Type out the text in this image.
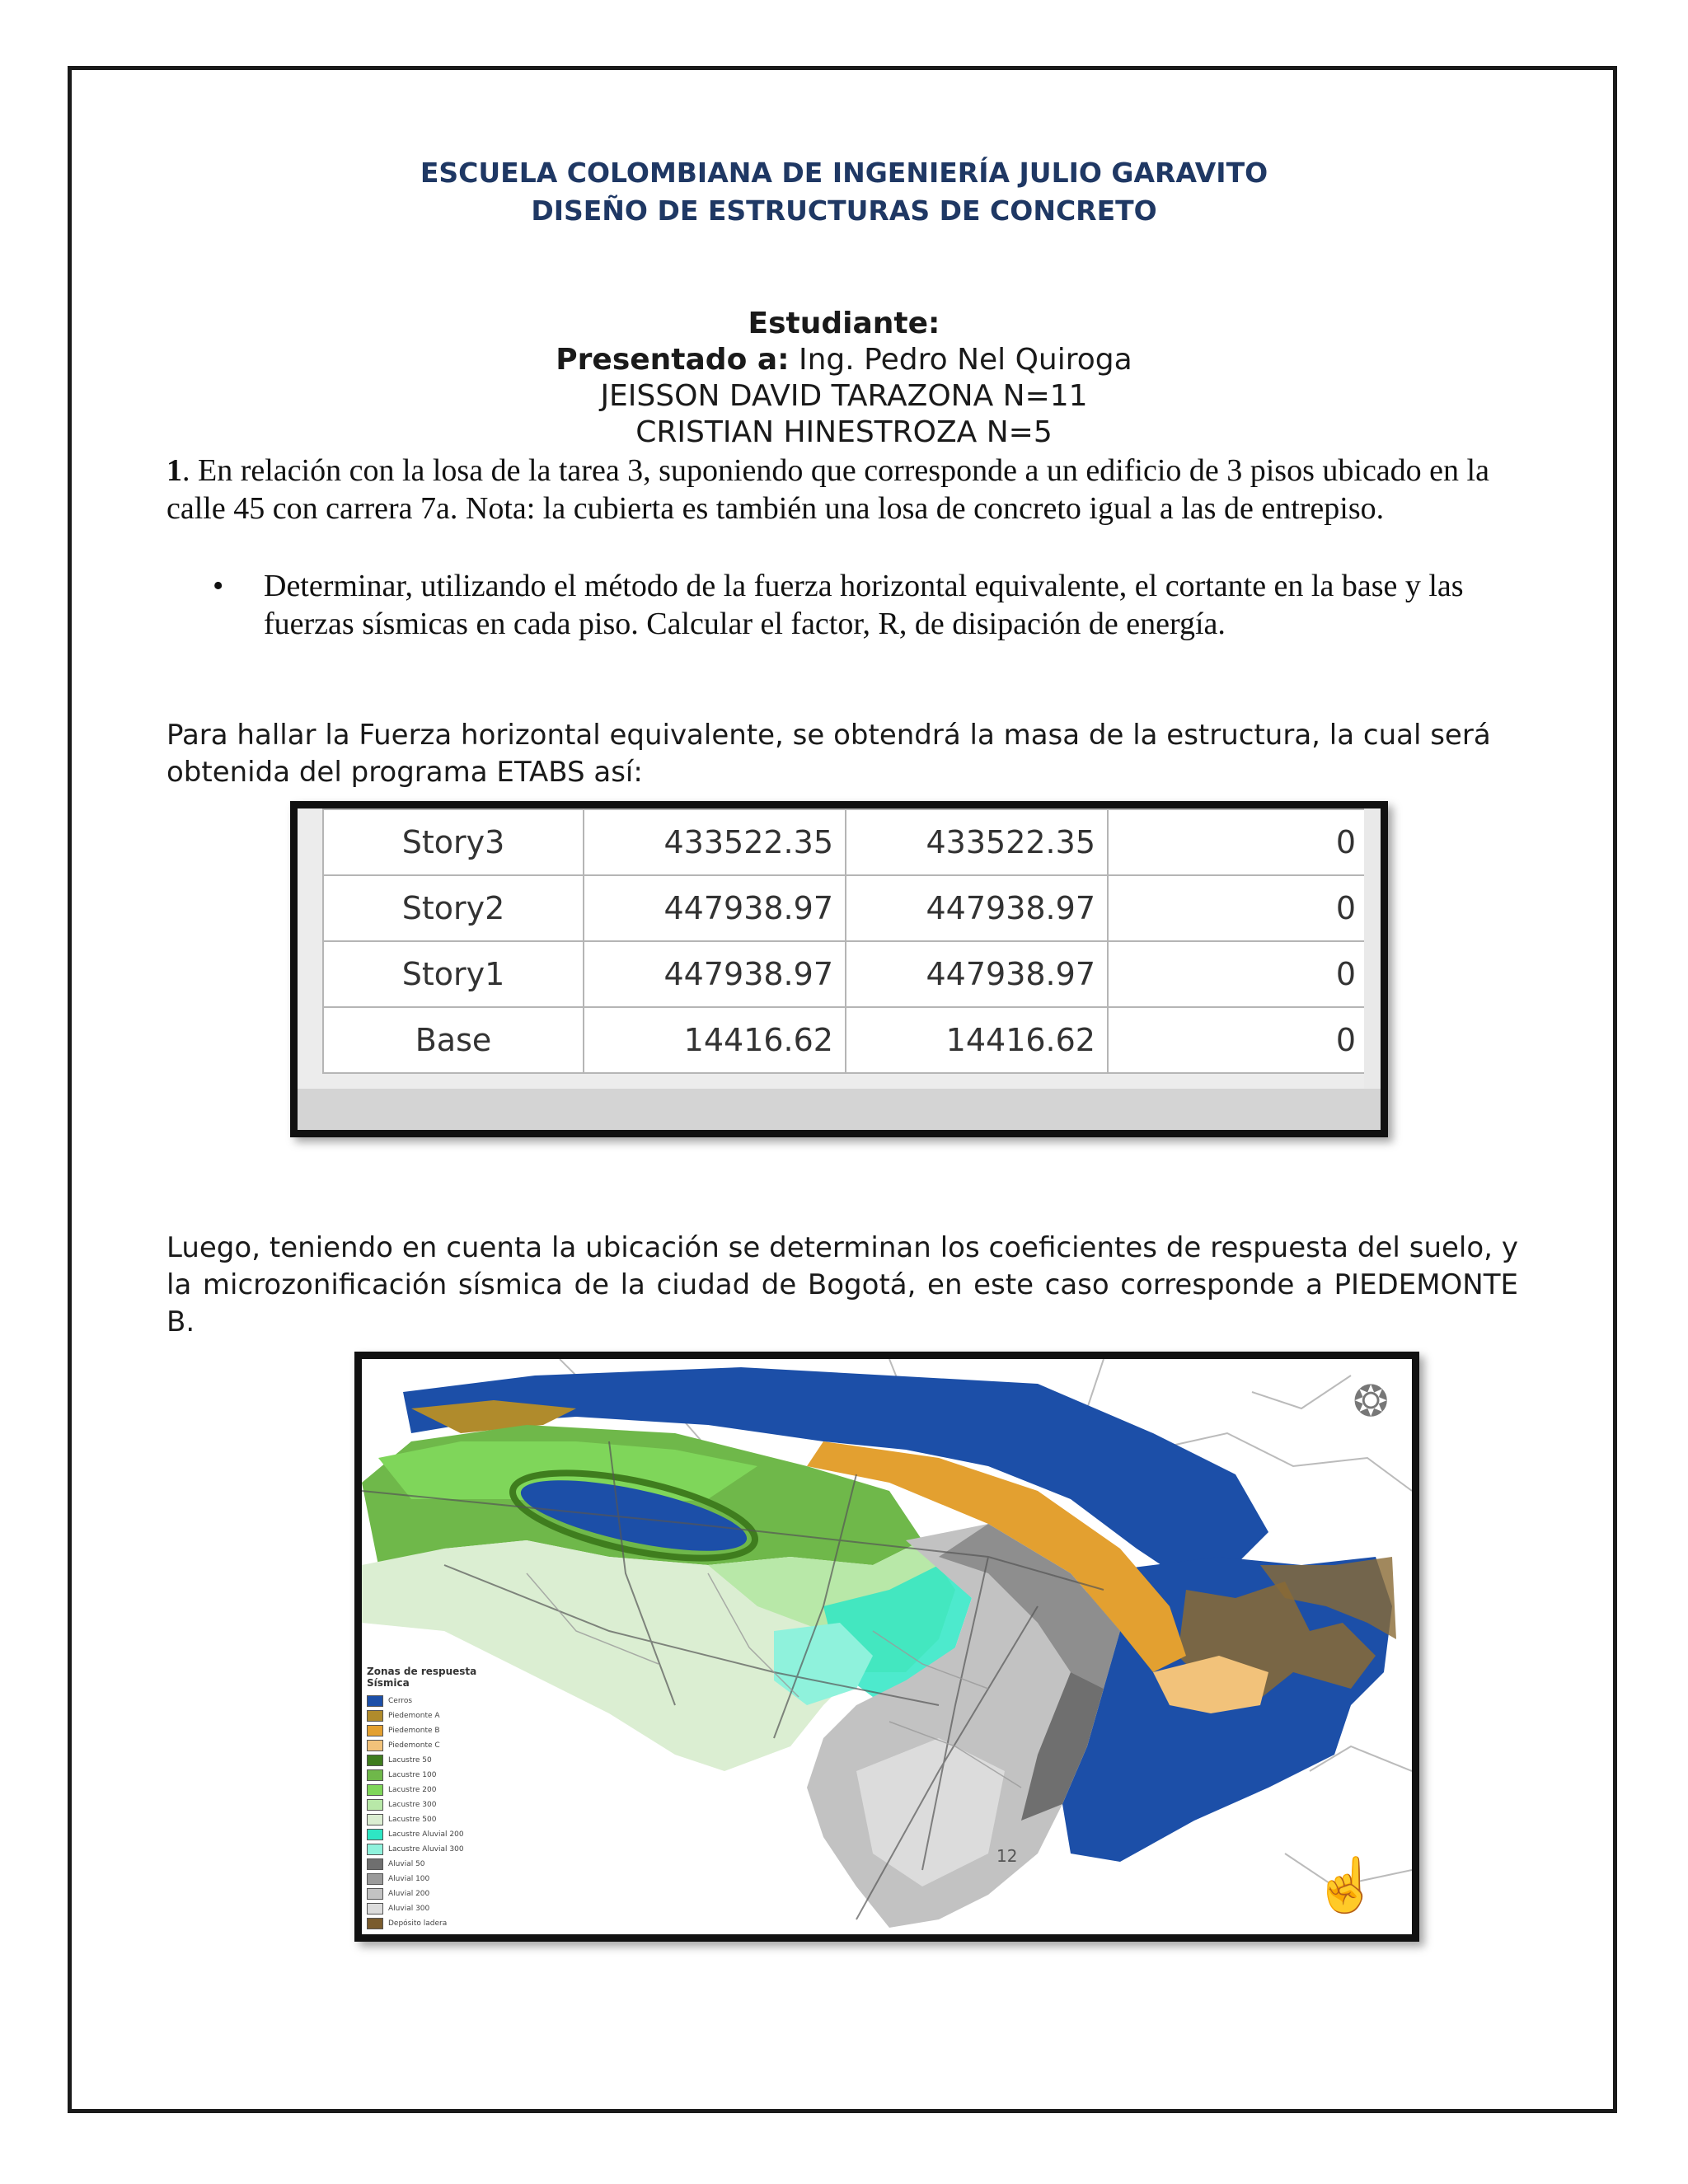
ESCUELA COLOMBIANA DE INGENIERÍA JULIO GARAVITO
DISEÑO DE ESTRUCTURAS DE CONCRETO
Estudiante:
Presentado a: Ing. Pedro Nel Quiroga
JEISSON DAVID TARAZONA N=11
CRISTIAN HINESTROZA N=5
1. En relación con la losa de la tarea 3, suponiendo que corresponde a un edificio de 3 pisos ubicado en la calle 45 con carrera 7a. Nota: la cubierta es también una losa de concreto igual a las de entrepiso.
• Determinar, utilizando el método de la fuerza horizontal equivalente, el cortante en la base y las fuerzas sísmicas en cada piso. Calcular el factor, R, de disipación de energía.
Para hallar la Fuerza horizontal equivalente, se obtendrá la masa de la estructura, la cual será obtenida del programa ETABS así:
Story3	433522.35	433522.35	0
Story2	447938.97	447938.97	0
Story1	447938.97	447938.97	0
Base	14416.62	14416.62	0
Luego, teniendo en cuenta la ubicación se determinan los coeficientes de respuesta del suelo, y la microzonificación sísmica de la ciudad de Bogotá, en este caso corresponde a PIEDEMONTE B.
12
Zonas de respuesta Sísmica
Cerros
Piedemonte A
Piedemonte B
Piedemonte C
Lacustre 50
Lacustre 100
Lacustre 200
Lacustre 300
Lacustre 500
Lacustre Aluvial 200
Lacustre Aluvial 300
Aluvial 50
Aluvial 100
Aluvial 200
Aluvial 300
Depósito ladera
❂
☝
